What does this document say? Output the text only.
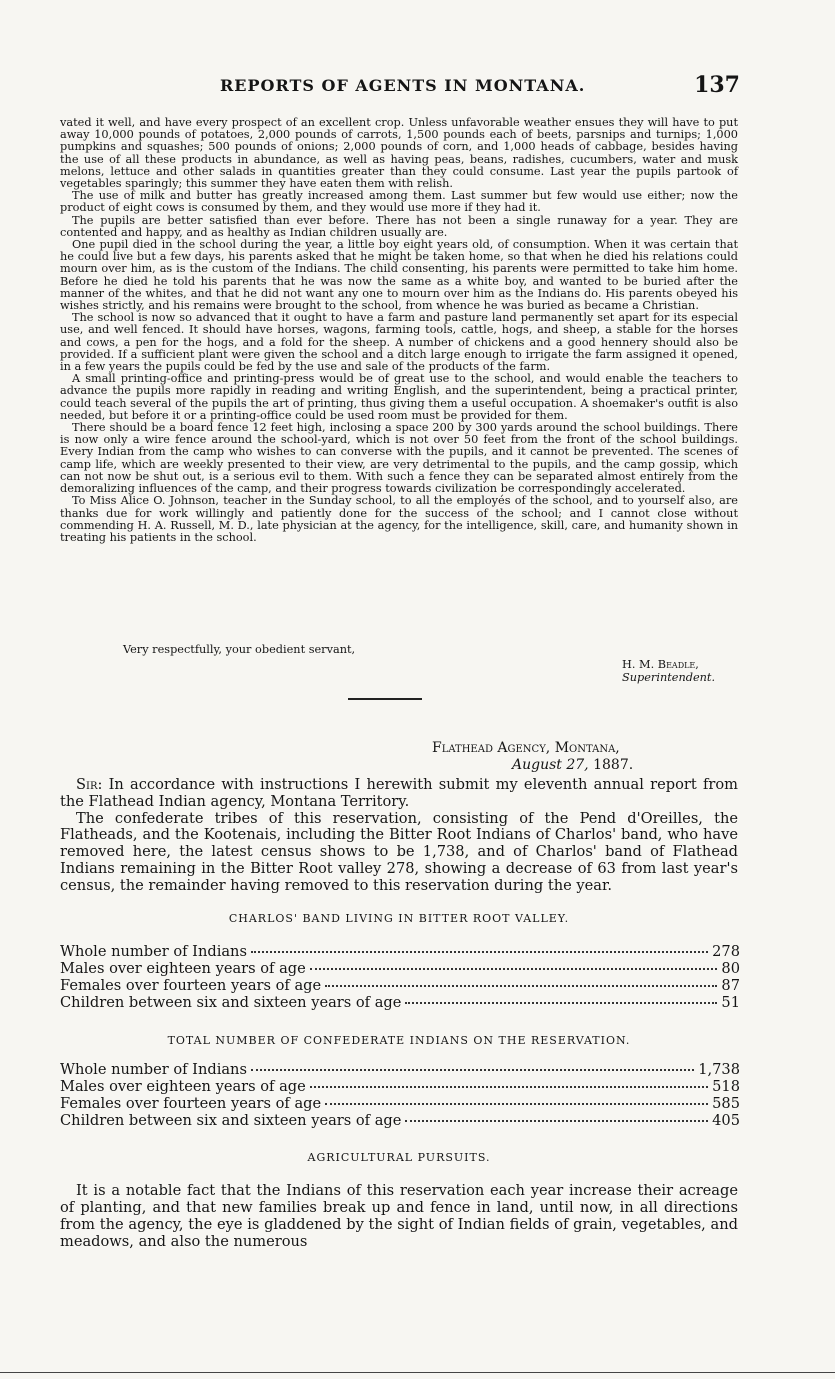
REPORTS OF AGENTS IN MONTANA.	137

vated it well, and have every prospect of an excellent crop. Unless unfavorable weather ensues they will have to put away 10,000 pounds of potatoes, 2,000 pounds of carrots, 1,500 pounds each of beets, parsnips and turnips; 1,000 pumpkins and squashes; 500 pounds of onions; 2,000 pounds of corn, and 1,000 heads of cabbage, besides having the use of all these products in abundance, as well as having peas, beans, radishes, cucumbers, water and musk melons, lettuce and other salads in quantities greater than they could consume. Last year the pupils partook of vegetables sparingly; this summer they have eaten them with relish.

The use of milk and butter has greatly increased among them. Last summer but few would use either; now the product of eight cows is consumed by them, and they would use more if they had it.

The pupils are better satisfied than ever before. There has not been a single runaway for a year. They are contented and happy, and as healthy as Indian children usually are.

One pupil died in the school during the year, a little boy eight years old, of consumption. When it was certain that he could live but a few days, his parents asked that he might be taken home, so that when he died his relations could mourn over him, as is the custom of the Indians. The child consenting, his parents were permitted to take him home. Before he died he told his parents that he was now the same as a white boy, and wanted to be buried after the manner of the whites, and that he did not want any one to mourn over him as the Indians do. His parents obeyed his wishes strictly, and his remains were brought to the school, from whence he was buried as became a Christian.

The school is now so advanced that it ought to have a farm and pasture land permanently set apart for its especial use, and well fenced. It should have horses, wagons, farming tools, cattle, hogs, and sheep, a stable for the horses and cows, a pen for the hogs, and a fold for the sheep. A number of chickens and a good hennery should also be provided. If a sufficient plant were given the school and a ditch large enough to irrigate the farm assigned it opened, in a few years the pupils could be fed by the use and sale of the products of the farm.

A small printing-office and printing-press would be of great use to the school, and would enable the teachers to advance the pupils more rapidly in reading and writing English, and the superintendent, being a practical printer, could teach several of the pupils the art of printing, thus giving them a useful occupation. A shoemaker's outfit is also needed, but before it or a printing-office could be used room must be provided for them.

There should be a board fence 12 feet high, inclosing a space 200 by 300 yards around the school buildings. There is now only a wire fence around the school-yard, which is not over 50 feet from the front of the school buildings. Every Indian from the camp who wishes to can converse with the pupils, and it cannot be prevented. The scenes of camp life, which are weekly presented to their view, are very detrimental to the pupils, and the camp gossip, which can not now be shut out, is a serious evil to them. With such a fence they can be separated almost entirely from the demoralizing influences of the camp, and their progress towards civilization be correspondingly accelerated.

To Miss Alice O. Johnson, teacher in the Sunday school, to all the employés of the school, and to yourself also, are thanks due for work willingly and patiently done for the success of the school; and I cannot close without commending H. A. Russell, M. D., late physician at the agency, for the intelligence, skill, care, and humanity shown in treating his patients in the school.

Very respectfully, your obedient servant,
H. M. Beadle,
Superintendent.
Flathead Agency, Montana,
August 27, 1887.

Sir: In accordance with instructions I herewith submit my eleventh annual report from the Flathead Indian agency, Montana Territory.

The confederate tribes of this reservation, consisting of the Pend d'Oreilles, the Flatheads, and the Kootenais, including the Bitter Root Indians of Charlos' band, who have removed here, the latest census shows to be 1,738, and of Charlos' band of Flathead Indians remaining in the Bitter Root valley 278, showing a decrease of 63 from last year's census, the remainder having removed to this reservation during the year.

CHARLOS' BAND LIVING IN BITTER ROOT VALLEY.
Whole number of Indians	278
Males over eighteen years of age	80
Females over fourteen years of age	87
Children between six and sixteen years of age	51
TOTAL NUMBER OF CONFEDERATE INDIANS ON THE RESERVATION.
Whole number of Indians	1,738
Males over eighteen years of age	518
Females over fourteen years of age	585
Children between six and sixteen years of age	405
AGRICULTURAL PURSUITS.

It is a notable fact that the Indians of this reservation each year increase their acreage of planting, and that new families break up and fence in land, until now, in all directions from the agency, the eye is gladdened by the sight of Indian fields of grain, vegetables, and meadows, and also the numerous
